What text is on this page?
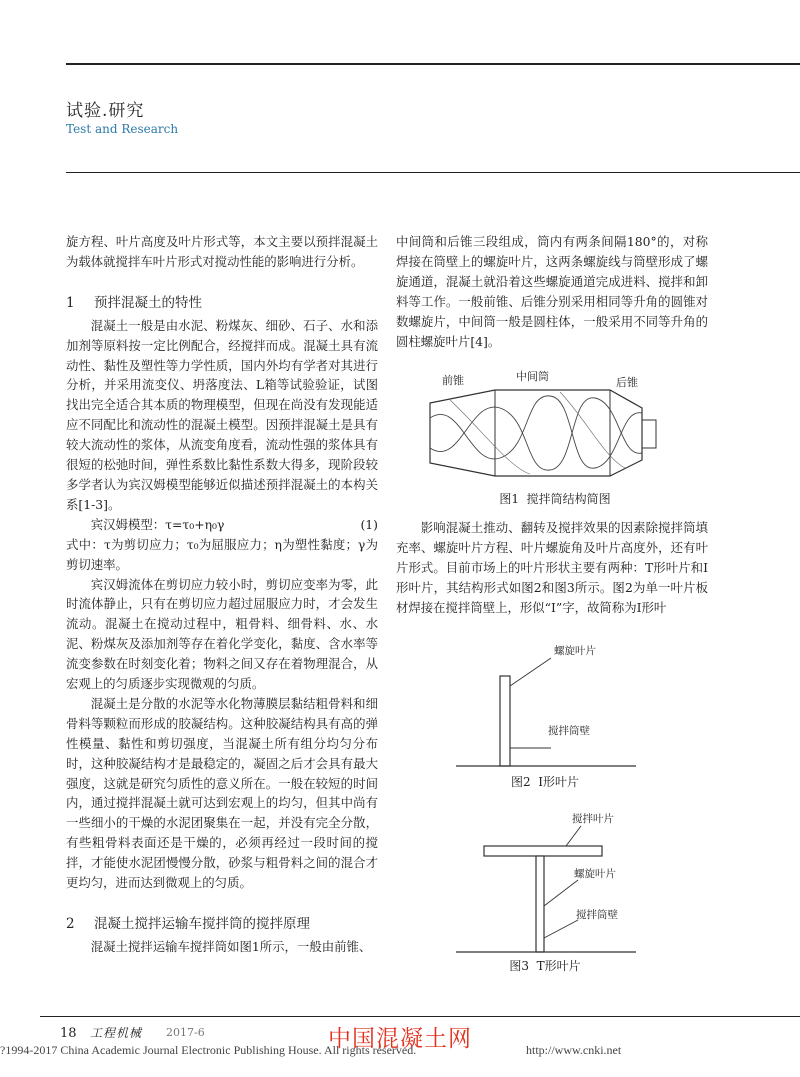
试验.研究
Test and Research

旋方程、叶片高度及叶片形式等，本文主要以预拌混凝土为载体就搅拌车叶片形式对搅动性能的影响进行分析。

1 预拌混凝土的特性

混凝土一般是由水泥、粉煤灰、细砂、石子、水和添加剂等原料按一定比例配合，经搅拌而成。混凝土具有流动性、黏性及塑性等力学性质，国内外均有学者对其进行分析，并采用流变仪、坍落度法、L箱等试验验证，试图找出完全适合其本质的物理模型，但现在尚没有发现能适应不同配比和流动性的混凝土模型。因预拌混凝土是具有较大流动性的浆体，从流变角度看，流动性强的浆体具有很短的松弛时间，弹性系数比黏性系数大得多，现阶段较多学者认为宾汉姆模型能够近似描述预拌混凝土的本构关系[1-3]。

宾汉姆模型：τ=τ₀+η₀γ	(1)

式中：τ为剪切应力；τ₀为屈服应力；η为塑性黏度；γ为剪切速率。

宾汉姆流体在剪切应力较小时，剪切应变率为零，此时流体静止，只有在剪切应力超过屈服应力时，才会发生流动。混凝土在搅动过程中，粗骨料、细骨料、水、水泥、粉煤灰及添加剂等存在着化学变化，黏度、含水率等流变参数在时刻变化着；物料之间又存在着物理混合，从宏观上的匀质逐步实现微观的匀质。

混凝土是分散的水泥等水化物薄膜层黏结粗骨料和细骨料等颗粒而形成的胶凝结构。这种胶凝结构具有高的弹性模量、黏性和剪切强度，当混凝土所有组分均匀分布时，这种胶凝结构才是最稳定的，凝固之后才会具有最大强度，这就是研究匀质性的意义所在。一般在较短的时间内，通过搅拌混凝土就可达到宏观上的均匀，但其中尚有一些细小的干燥的水泥团聚集在一起，并没有完全分散，有些粗骨料表面还是干燥的，必须再经过一段时间的搅拌，才能使水泥团慢慢分散，砂浆与粗骨料之间的混合才更均匀，进而达到微观上的匀质。

2 混凝土搅拌运输车搅拌筒的搅拌原理

混凝土搅拌运输车搅拌筒如图1所示，一般由前锥、

中间筒和后锥三段组成，筒内有两条间隔180°的，对称焊接在筒壁上的螺旋叶片，这两条螺旋线与筒壁形成了螺旋通道，混凝土就沿着这些螺旋通道完成进料、搅拌和卸料等工作。一般前锥、后锥分别采用相同等升角的圆锥对数螺旋片，中间筒一般是圆柱体，一般采用不同等升角的圆柱螺旋叶片[4]。

前锥	中间筒	后锥
图1 搅拌筒结构简图

影响混凝土推动、翻转及搅拌效果的因素除搅拌筒填充率、螺旋叶片方程、叶片螺旋角及叶片高度外，还有叶片形式。目前市场上的叶片形状主要有两种：T形叶片和I形叶片，其结构形式如图2和图3所示。图2为单一叶片板材焊接在搅拌筒壁上，形似“I”字，故简称为I形叶

螺旋叶片
搅拌筒壁
图2 I形叶片
搅拌叶片
螺旋叶片
搅拌筒壁
图3 T形叶片
18 工程机械 2017-6	中国混凝土网
?1994-2017 China Academic Journal Electronic Publishing House. All rights reserved.	http://www.cnki.net
